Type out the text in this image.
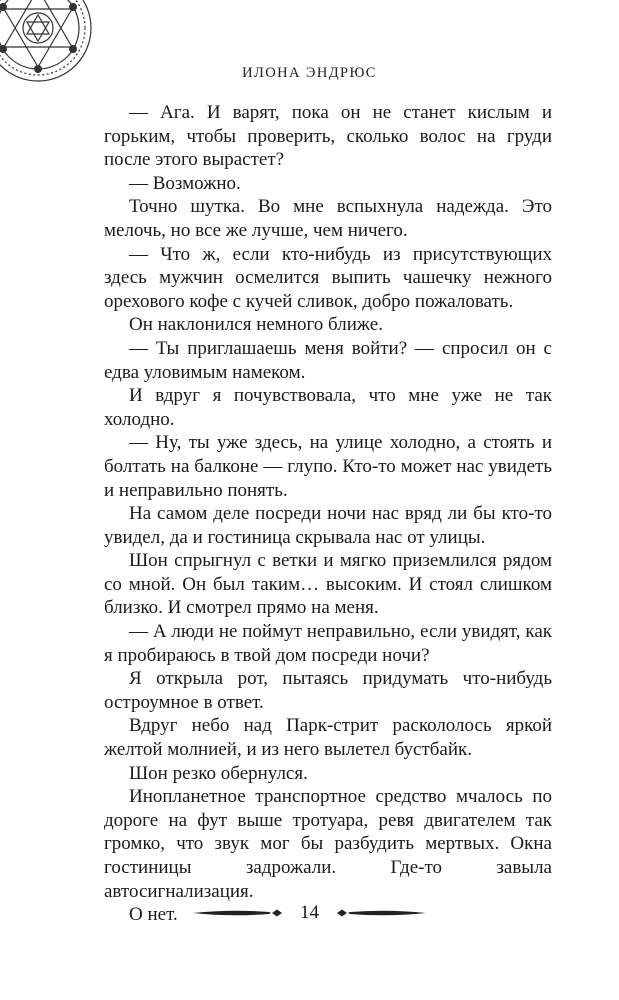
ИЛОНА ЭНДРЮС

— Ага. И варят, пока он не станет кислым и горьким, чтобы проверить, сколько волос на груди после этого вырастет?

— Возможно.

Точно шутка. Во мне вспыхнула надежда. Это мелочь, но все же лучше, чем ничего.

— Что ж, если кто-нибудь из присутствующих здесь мужчин осмелится выпить чашечку нежного орехового кофе с кучей сливок, добро пожаловать.

Он наклонился немного ближе.

— Ты приглашаешь меня войти? — спросил он с едва уловимым намеком.

И вдруг я почувствовала, что мне уже не так холодно.

— Ну, ты уже здесь, на улице холодно, а стоять и болтать на балконе — глупо. Кто-то может нас увидеть и неправильно понять.

На самом деле посреди ночи нас вряд ли бы кто-то увидел, да и гостиница скрывала нас от улицы.

Шон спрыгнул с ветки и мягко приземлился рядом со мной. Он был таким… высоким. И стоял слишком близко. И смотрел прямо на меня.

— А люди не поймут неправильно, если увидят, как я пробираюсь в твой дом посреди ночи?

Я открыла рот, пытаясь придумать что-нибудь остроумное в ответ.

Вдруг небо над Парк-стрит раскололось яркой желтой молнией, и из него вылетел бустбайк.

Шон резко обернулся.

Инопланетное транспортное средство мчалось по дороге на фут выше тротуара, ревя двигателем так громко, что звук мог бы разбудить мертвых. Окна гостиницы задрожали. Где-то завыла автосигнализация.

О нет.	14
